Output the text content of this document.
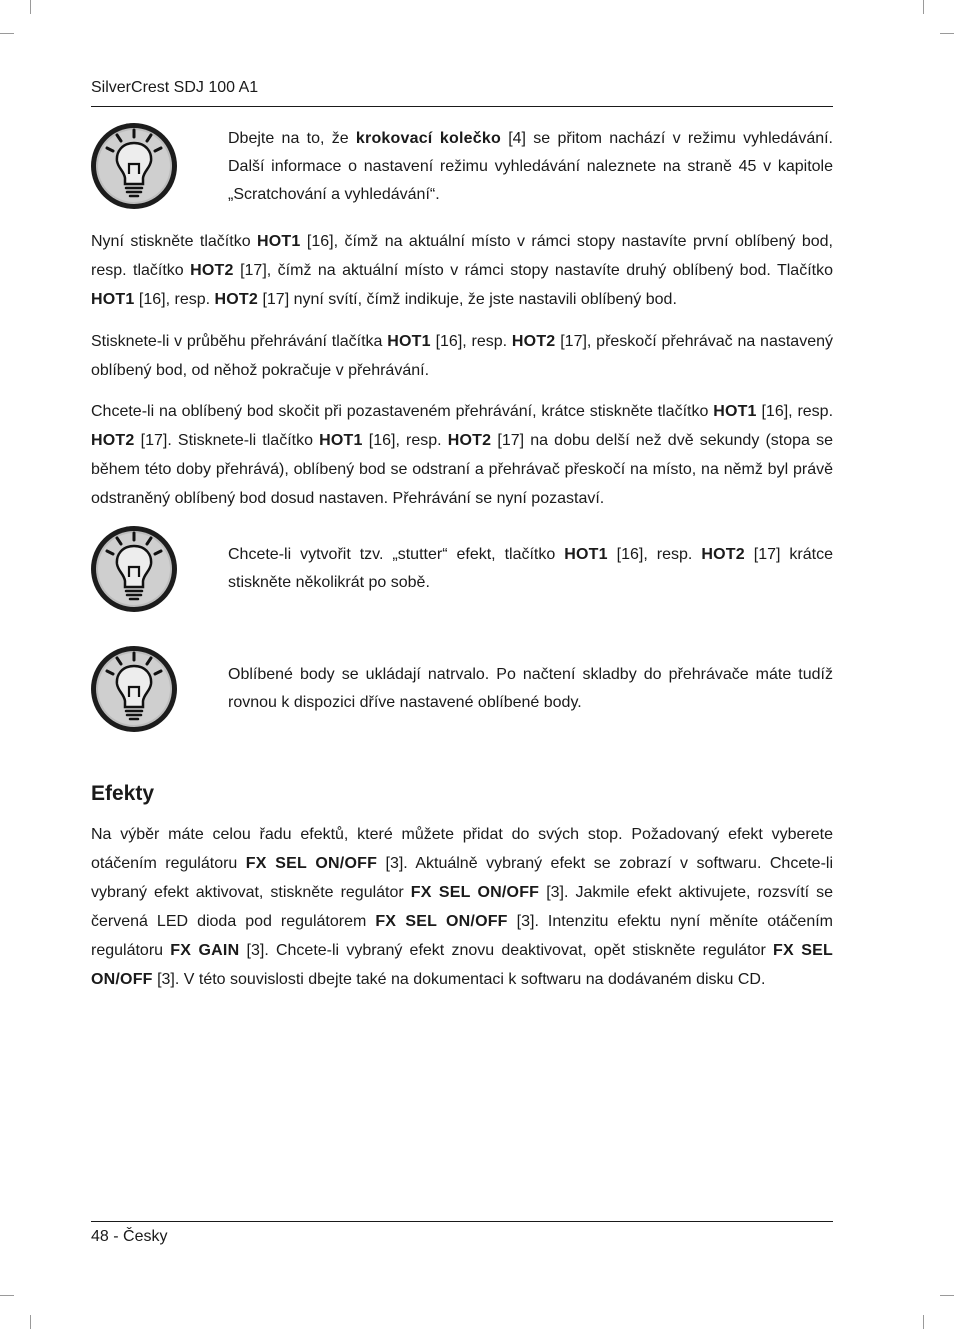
SilverCrest SDJ 100 A1

Dbejte na to, že krokovací kolečko [4] se přitom nachází v režimu vyhledávání. Další informace o nastavení režimu vyhledávání naleznete na straně 45 v kapitole „Scratchování a vyhledávání“.

Nyní stiskněte tlačítko HOT1 [16], čímž na aktuální místo v rámci stopy nastavíte první oblíbený bod, resp. tlačítko HOT2 [17], čímž na aktuální místo v rámci stopy nastavíte druhý oblíbený bod. Tlačítko HOT1 [16], resp. HOT2 [17] nyní svítí, čímž indikuje, že jste nastavili oblíbený bod.

Stisknete-li v průběhu přehrávání tlačítka HOT1 [16], resp. HOT2 [17], přeskočí přehrávač na nastavený oblíbený bod, od něhož pokračuje v přehrávání.

Chcete-li na oblíbený bod skočit při pozastaveném přehrávání, krátce stiskněte tlačítko HOT1 [16], resp. HOT2 [17]. Stisknete-li tlačítko HOT1 [16], resp. HOT2 [17] na dobu delší než dvě sekundy (stopa se během této doby přehrává), oblíbený bod se odstraní a přehrávač přeskočí na místo, na němž byl právě odstraněný oblíbený bod dosud nastaven. Přehrávání se nyní pozastaví.

Chcete-li vytvořit tzv. „stutter“ efekt, tlačítko HOT1 [16], resp. HOT2 [17] krátce stiskněte několikrát po sobě.

Oblíbené body se ukládají natrvalo. Po načtení skladby do přehrávače máte tudíž rovnou k dispozici dříve nastavené oblíbené body.

Efekty

Na výběr máte celou řadu efektů, které můžete přidat do svých stop. Požadovaný efekt vyberete otáčením regulátoru FX SEL ON/OFF [3]. Aktuálně vybraný efekt se zobrazí v softwaru. Chcete-li vybraný efekt aktivovat, stiskněte regulátor FX SEL ON/OFF [3]. Jakmile efekt aktivujete, rozsvítí se červená LED dioda pod regulátorem FX SEL ON/OFF [3]. Intenzitu efektu nyní měníte otáčením regulátoru FX GAIN [3]. Chcete-li vybraný efekt znovu deaktivovat, opět stiskněte regulátor FX SEL ON/OFF [3]. V této souvislosti dbejte také na dokumentaci k softwaru na dodávaném disku CD.

48 - Česky
